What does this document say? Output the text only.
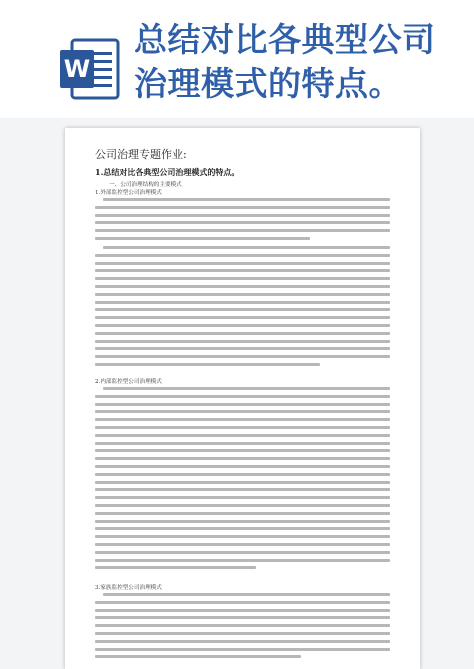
W
总结对比各典型公司
治理模式的特点。
公司治理专题作业:
1.总结对比各典型公司治理模式的特点。
一、公司治理结构的主要模式
1.外部监控型公司治理模式
2.内部监控型公司治理模式
3.家族监控型公司治理模式
